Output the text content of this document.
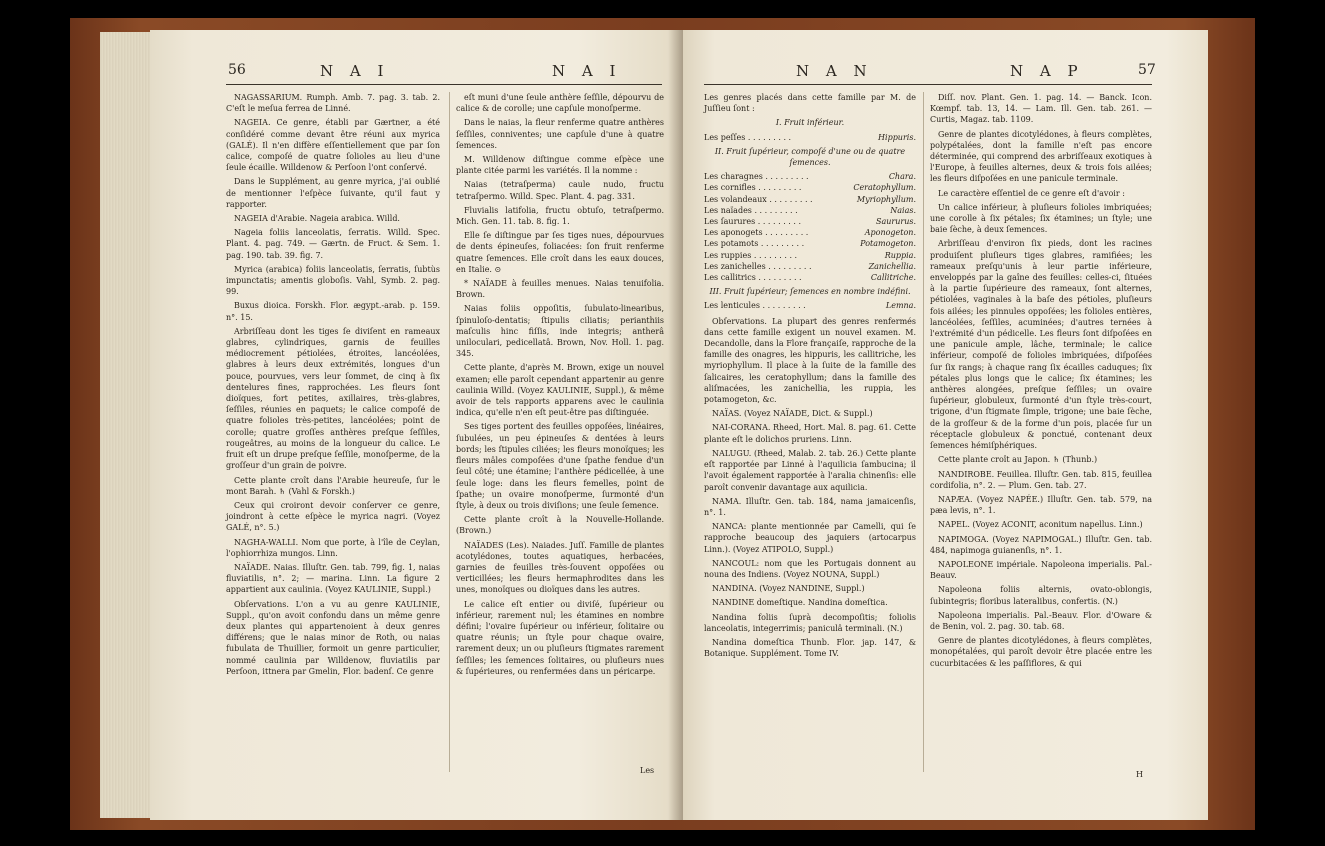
56	N A I	N A I

NAGASSARIUM. Rumph. Amb. 7. pag. 3. tab. 2. C'eſt le meſua ferrea de Linné.

NAGEIA. Ce genre, établi par Gærtner, a été conſidéré comme devant être réuni aux myrica (GALÉ). Il n'en diffère eſſentiellement que par ſon calice, compoſé de quatre ſolioles au lieu d'une ſeule écaille. Willdenow & Perſoon l'ont conſervé.

Dans le Supplément, au genre myrica, j'ai oublié de mentionner l'eſpèce ſuivante, qu'il faut y rapporter.

NAGEIA d'Arabie. Nageia arabica. Willd.

Nageia foliis lanceolatis, ſerratis. Willd. Spec. Plant. 4. pag. 749. — Gærtn. de Fruct. & Sem. 1. pag. 190. tab. 39. fig. 7.

Myrica (arabica) foliis lanceolatis, ſerratis, ſubtùs impunctatis; amentis globoſis. Vahl, Symb. 2. pag. 99.

Buxus dioica. Forskh. Flor. ægypt.-arab. p. 159. n°. 15.

Arbriſſeau dont les tiges ſe diviſent en rameaux glabres, cylindriques, garnis de feuilles médiocrement pétiolées, étroites, lancéolées, glabres à leurs deux extrémités, longues d'un pouce, pourvues, vers leur ſommet, de cinq à ſix dentelures fines, rapprochées. Les fleurs ſont dioïques, fort petites, axillaires, très-glabres, ſeſſiles, réunies en paquets; le calice compoſé de quatre folioles très-petites, lancéolées; point de corolle; quatre groſſes anthères preſque ſeſſiles, rougeâtres, au moins de la longueur du calice. Le fruit eſt un drupe preſque ſeſſile, monoſperme, de la groſſeur d'un grain de poivre.

Cette plante croît dans l'Arabie heureuſe, ſur le mont Barah. ♄ (Vahl & Forskh.)

Ceux qui croiront devoir conſerver ce genre, joindront à cette eſpèce le myrica nagri. (Voyez GALÉ, n°. 5.)

NAGHA-WALLI. Nom que porte, à l'île de Ceylan, l'ophiorrhiza mungos. Linn.

NAÏADE. Naias. Illuſtr. Gen. tab. 799, fig. 1, naias fluviatilis, n°. 2; — marina. Linn. La figure 2 appartient aux caulinia. (Voyez KAULINIE, Suppl.)

Obſervations. L'on a vu au genre KAULINIE, Suppl., qu'on avoit confondu dans un même genre deux plantes qui appartenoient à deux genres différens; que le naias minor de Roth, ou naias fubulata de Thuillier, formoit un genre particulier, nommé caulinia par Willdenow, fluviatilis par Perſoon, ittnera par Gmelin, Flor. badenſ. Ce genre

eſt muni d'une ſeule anthère ſeſſile, dépourvu de calice & de corolle; une capſule monoſperme.

Dans le naias, la fleur renferme quatre anthères ſeſſiles, conniventes; une capſule d'une à quatre ſemences.

M. Willdenow diſtingue comme eſpèce une plante citée parmi les variétés. Il la nomme :

Naias (tetraſperma) caule nudo, fructu tetraſpermo. Willd. Spec. Plant. 4. pag. 331.

Fluvialis latifolia, fructu obtuſo, tetraſpermo. Mich. Gen. 11. tab. 8. fig. 1.

Elle ſe diſtingue par ſes tiges nues, dépourvues de dents épineuſes, foliacées: ſon fruit renferme quatre ſemences. Elle croît dans les eaux douces, en Italie. ⊙

* NAÏADE à feuilles menues. Naias tenuifolia. Brown.

Naias foliis oppoſitis, ſubulato-linearibus, ſpinuloſo-dentatis; ſtipulis ciliatis; perianthiis maſculis hinc fiſſis, inde integris; antherâ uniloculari, pedicellatâ. Brown, Nov. Holl. 1. pag. 345.

Cette plante, d'après M. Brown, exige un nouvel examen; elle paroît cependant appartenir au genre caulinia Willd. (Voyez KAULINIE, Suppl.), & même avoir de tels rapports apparens avec le caulinia indica, qu'elle n'en eſt peut-être pas diſtinguée.

Ses tiges portent des feuilles oppoſées, linéaires, ſubulées, un peu épineuſes & dentées à leurs bords; les ſtipules ciliées; les fleurs monoïques; les fleurs mâles compoſées d'une ſpathe fendue d'un ſeul côté; une étamine; l'anthère pédicellée, à une ſeule loge: dans les fleurs femelles, point de ſpathe; un ovaire monoſperme, ſurmonté d'un ſtyle, à deux ou trois diviſions; une ſeule ſemence.

Cette plante croît à la Nouvelle-Hollande. (Brown.)

NAÏADES (Les). Naiades. Juſſ. Famille de plantes acotylédones, toutes aquatiques, herbacées, garnies de feuilles très-ſouvent oppoſées ou verticillées; les fleurs hermaphrodites dans les unes, monoïques ou dioïques dans les autres.

Le calice eſt entier ou diviſé, ſupérieur ou inférieur, rarement nul; les étamines en nombre défini; l'ovaire ſupérieur ou inférieur, ſolitaire ou quatre réunis; un ſtyle pour chaque ovaire, rarement deux; un ou pluſieurs ſtigmates rarement ſeſſiles; les ſemences ſolitaires, ou pluſieurs nues & ſupérieures, ou renfermées dans un péricarpe.

Les
N A N	N A P	57

Les genres placés dans cette famille par M. de Juſſieu ſont :

I. Fruit inférieur.

Les peſſes . . . . . . . . .	Hippuris.

II. Fruit ſupérieur, compoſé d'une ou de quatre ſemences.

Les charagnes . . . . . . . . .	Chara.
Les cornifles . . . . . . . . .	Ceratophyllum.
Les volandeaux . . . . . . . . .	Myriophyllum.
Les naïades . . . . . . . . .	Naias.
Les ſaurures . . . . . . . . .	Saururus.
Les aponogets . . . . . . . . .	Aponogeton.
Les potamots . . . . . . . . .	Potamogeton.
Les ruppies . . . . . . . . .	Ruppia.
Les zanichelles . . . . . . . . .	Zanichellia.
Les callitrics . . . . . . . . .	Callitriche.

III. Fruit ſupérieur; ſemences en nombre indéfini.

Les lenticules . . . . . . . . .	Lemna.

Obſervations. La plupart des genres renfermés dans cette famille exigent un nouvel examen. M. Decandolle, dans la Flore françaiſe, rapproche de la famille des onagres, les hippuris, les callitriche, les myriophyllum. Il place à la ſuite de la famille des ſalicaires, les ceratophyllum; dans la famille des aliſmacées, les zanichellia, les ruppia, les potamogeton, &c.

NAÏAS. (Voyez NAÏADE, Dict. & Suppl.)

NAI-CORANA. Rheed, Hort. Mal. 8. pag. 61. Cette plante eſt le dolichos pruriens. Linn.

NALUGU. (Rheed, Malab. 2. tab. 26.) Cette plante eſt rapportée par Linné à l'aquilicia ſambucina; il l'avoit également rapportée à l'aralia chinenſis: elle paroît convenir davantage aux aquilicia.

NAMA. Illuſtr. Gen. tab. 184, nama jamaicenſis, n°. 1.

NANCA: plante mentionnée par Camelli, qui ſe rapproche beaucoup des jaquiers (artocarpus Linn.). (Voyez ATIPOLO, Suppl.)

NANCOUL: nom que les Portugais donnent au nouna des Indiens. (Voyez NOUNA, Suppl.)

NANDINA. (Voyez NANDINE, Suppl.)

NANDINE domeſtique. Nandina domeſtica.

Nandina foliis ſuprà decompoſitis; foliolis lanceolatis, integerrimis; paniculâ terminali. (N.)

Nandina domeſtica Thunb. Flor. jap. 147, & Botanique. Supplément. Tome IV.

Diſſ. nov. Plant. Gen. 1. pag. 14. — Banck. Icon. Kœmpf. tab. 13, 14. — Lam. Ill. Gen. tab. 261. — Curtis, Magaz. tab. 1109.

Genre de plantes dicotylédones, à fleurs complètes, polypétalées, dont la famille n'eſt pas encore déterminée, qui comprend des arbriſſeaux exotiques à l'Europe, à feuilles alternes, deux & trois fois ailées; les fleurs diſpoſées en une panicule terminale.

Le caractère eſſentiel de ce genre eſt d'avoir :

Un calice inférieur, à pluſieurs folioles imbriquées; une corolle à ſix pétales; ſix étamines; un ſtyle; une baie ſèche, à deux ſemences.

Arbriſſeau d'environ ſix pieds, dont les racines produiſent pluſieurs tiges glabres, ramifiées; les rameaux preſqu'unis à leur partie inférieure, enveloppés par la gaîne des feuilles: celles-ci, ſituées à la partie ſupérieure des rameaux, ſont alternes, pétiolées, vaginales à la baſe des pétioles, pluſieurs fois ailées; les pinnules oppoſées; les folioles entières, lancéolées, ſeſſiles, acuminées; d'autres ternées à l'extrémité d'un pédicelle. Les fleurs ſont diſpoſées en une panicule ample, lâche, terminale; le calice inférieur, compoſé de folioles imbriquées, diſpoſées ſur ſix rangs; à chaque rang ſix écailles caduques; ſix pétales plus longs que le calice; ſix étamines; les anthères alongées, preſque ſeſſiles; un ovaire ſupérieur, globuleux, ſurmonté d'un ſtyle très-court, trigone, d'un ſtigmate ſimple, trigone; une baie ſèche, de la groſſeur & de la forme d'un pois, placée ſur un réceptacle globuleux & ponctué, contenant deux ſemences hémiſphériques.

Cette plante croît au Japon. ♄ (Thunb.)

NANDIROBE. Feuillea. Illuſtr. Gen. tab. 815, feuillea cordifolia, n°. 2. — Plum. Gen. tab. 27.

NAPÆA. (Voyez NAPÉE.) Illuſtr. Gen. tab. 579, na pæa levis, n°. 1.

NAPEL. (Voyez ACONIT, aconitum napellus. Linn.)

NAPIMOGA. (Voyez NAPIMOGAL.) Illuſtr. Gen. tab. 484, napimoga guianenſis, n°. 1.

NAPOLEONE impériale. Napoleona imperialis. Pal.-Beauv.

Napoleona foliis alternis, ovato-oblongis, ſubintegris; floribus lateralibus, confertis. (N.)

Napoleona imperialis. Pal.-Beauv. Flor. d'Oware & de Benin, vol. 2. pag. 30. tab. 68.

Genre de plantes dicotylédones, à fleurs complètes, monopétalées, qui paroît devoir être placée entre les cucurbitacées & les paſſiflores, & qui

H
